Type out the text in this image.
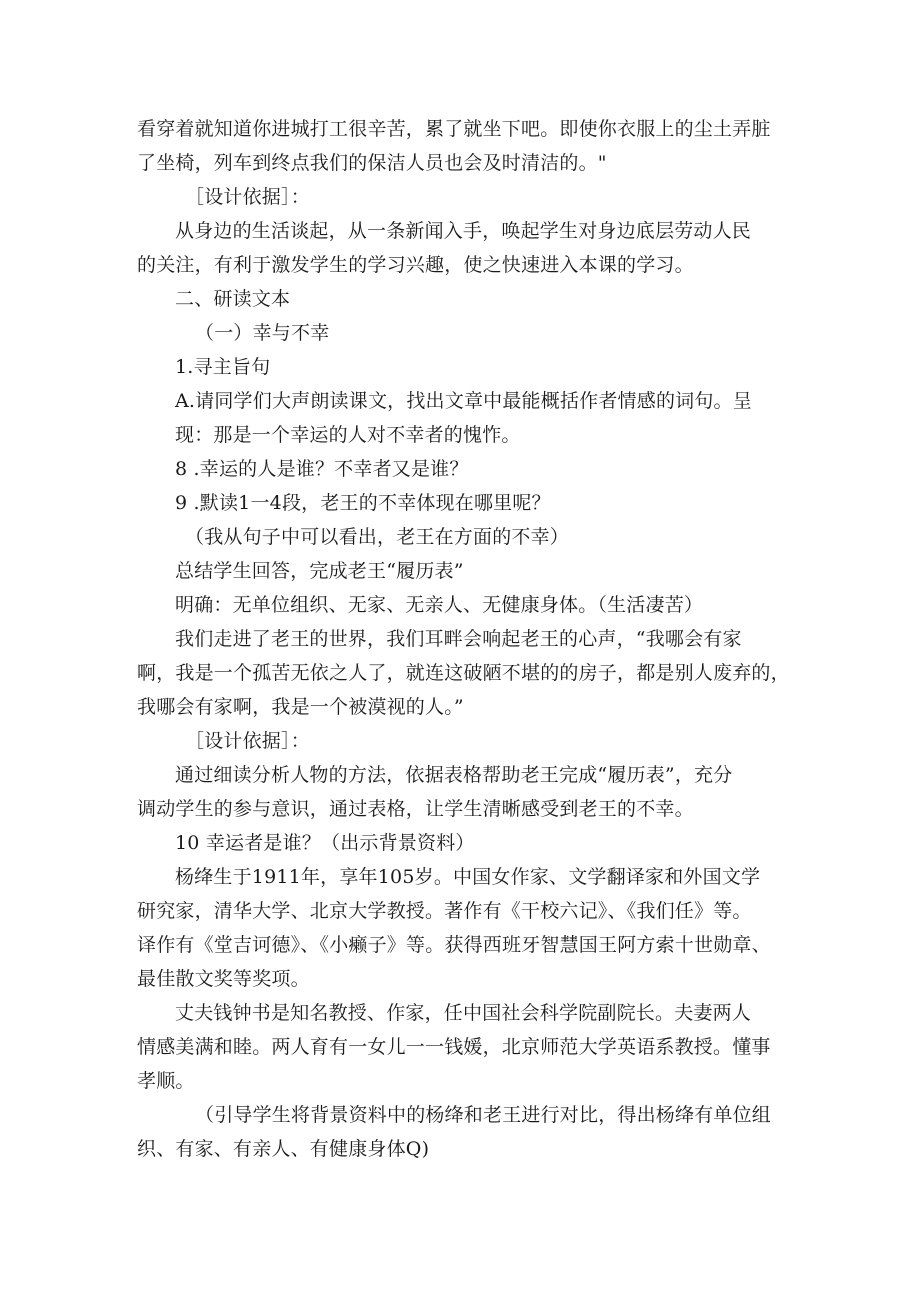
看穿着就知道你进城打工很辛苦，累了就坐下吧。即使你衣服上的尘土弄脏
了坐椅，列车到终点我们的保洁人员也会及时清洁的。"
［设计依据］：
从身边的生活谈起，从一条新闻入手，唤起学生对身边底层劳动人民
的关注，有利于激发学生的学习兴趣，使之快速进入本课的学习。
二、研读文本
（一）幸与不幸
1.寻主旨句
A.请同学们大声朗读课文，找出文章中最能概括作者情感的词句。呈
现：那是一个幸运的人对不幸者的愧怍。
8 .幸运的人是谁？不幸者又是谁？
9 .默读1一4段，老王的不幸体现在哪里呢？
（我从句子中可以看出，老王在方面的不幸）
总结学生回答，完成老王“履历表”
明确：无单位组织、无家、无亲人、无健康身体。（生活凄苦）
我们走进了老王的世界，我们耳畔会响起老王的心声，“我哪会有家
啊，我是一个孤苦无依之人了，就连这破陋不堪的的房子，都是别人废弃的，
我哪会有家啊，我是一个被漠视的人。”
［设计依据］：
通过细读分析人物的方法，依据表格帮助老王完成“履历表”，充分
调动学生的参与意识，通过表格，让学生清晰感受到老王的不幸。
10 幸运者是谁？（出示背景资料）
杨绛生于1911年，享年105岁。中国女作家、文学翻译家和外国文学
研究家，清华大学、北京大学教授。著作有《干校六记》、《我们任》等。
译作有《堂吉诃德》、《小癞子》等。获得西班牙智慧国王阿方索十世勋章、
最佳散文奖等奖项。
丈夫钱钟书是知名教授、作家，任中国社会科学院副院长。夫妻两人
情感美满和睦。两人育有一女儿一一钱媛，北京师范大学英语系教授。懂事
孝顺。
（引导学生将背景资料中的杨绛和老王进行对比，得出杨绛有单位组
织、有家、有亲人、有健康身体Q)
